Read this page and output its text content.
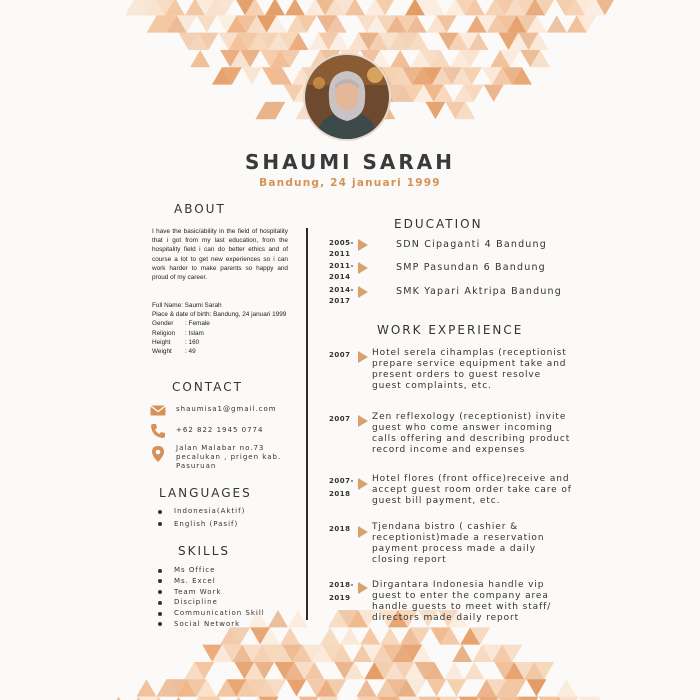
SHAUMI SARAH
Bandung, 24 januari 1999
ABOUT
I have the basic/ability in the field of hospitality that i got from my last education, from the hospitality field i can do better ethics and of course a lot to get new experiences so i can work harder to make parents so happy and proud of my career.
Full Name: Saumi Sarah
Place & date of birth: Bandung, 24 januari 1999
Gender	: Female
Religion	: Islam
Height	: 160
Weight	: 49
CONTACT
shaumisa1@gmail.com
+62 822 1945 0774
Jalan Malabar no.73 pecalukan , prigen kab. Pasuruan
LANGUAGES
Indonesia(Aktif)
English (Pasif)
SKILLS
Ms Office
Ms. Excel
Team Work
Discipline
Communication Skill
Social Network
EDUCATION
2005-
2011
SDN Cipaganti 4 Bandung
2011-
2014
SMP Pasundan 6 Bandung
2014-
2017
SMK Yapari Aktripa Bandung
WORK EXPERIENCE
2007 Hotel serela cihamplas (receptionist prepare service equipment take and present orders to guest resolve guest complaints, etc.
2007 Zen reflexology (receptionist) invite guest who come answer incoming calls offering and describing product record income and expenses
2007-
2018
Hotel flores (front office)receive and accept guest room order take care of guest bill payment, etc.
2018 Tjendana bistro ( cashier & receptionist)made a reservation payment process made a daily closing report
2018-
2019
Dirgantara Indonesia handle vip guest to enter the company area handle guests to meet with staff/ directors made daily report
